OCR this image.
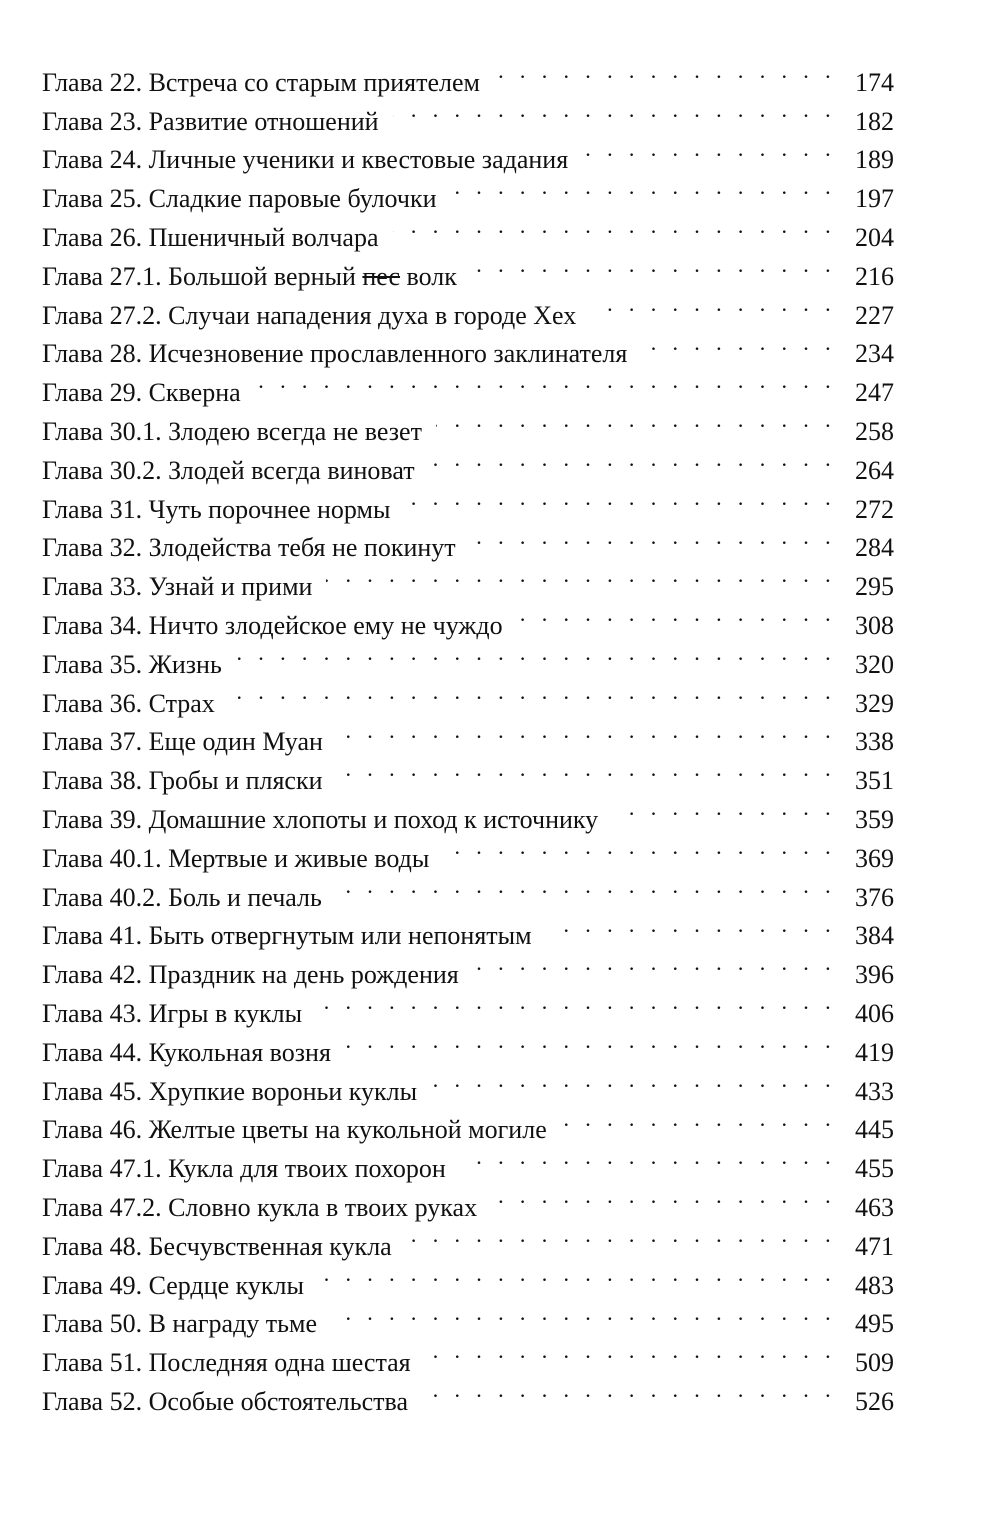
Глава 22. Встреча со старым приятелем . . .	174
Глава 23. Развитие отношений . . .	182
Глава 24. Личные ученики и квестовые задания . . .	189
Глава 25. Сладкие паровые булочки . . .	197
Глава 26. Пшеничный волчара . . .	204
Глава 27.1. Большой верный пес волк . . .	216
Глава 27.2. Случаи нападения духа в городе Хех . . .	227
Глава 28. Исчезновение прославленного заклинателя . . .	234
Глава 29. Скверна . . .	247
Глава 30.1. Злодею всегда не везет . . .	258
Глава 30.2. Злодей всегда виноват . . .	264
Глава 31. Чуть порочнее нормы . . .	272
Глава 32. Злодейства тебя не покинут . . .	284
Глава 33. Узнай и прими . . .	295
Глава 34. Ничто злодейское ему не чуждо . . .	308
Глава 35. Жизнь . . .	320
Глава 36. Страх . . .	329
Глава 37. Еще один Муан . . .	338
Глава 38. Гробы и пляски . . .	351
Глава 39. Домашние хлопоты и поход к источнику . . .	359
Глава 40.1. Мертвые и живые воды . . .	369
Глава 40.2. Боль и печаль . . .	376
Глава 41. Быть отвергнутым или непонятым . . .	384
Глава 42. Праздник на день рождения . . .	396
Глава 43. Игры в куклы . . .	406
Глава 44. Кукольная возня . . .	419
Глава 45. Хрупкие вороньи куклы . . .	433
Глава 46. Желтые цветы на кукольной могиле . . .	445
Глава 47.1. Кукла для твоих похорон . . .	455
Глава 47.2. Словно кукла в твоих руках . . .	463
Глава 48. Бесчувственная кукла . . .	471
Глава 49. Сердце куклы . . .	483
Глава 50. В награду тьме . . .	495
Глава 51. Последняя одна шестая . . .	509
Глава 52. Особые обстоятельства . . .	526
